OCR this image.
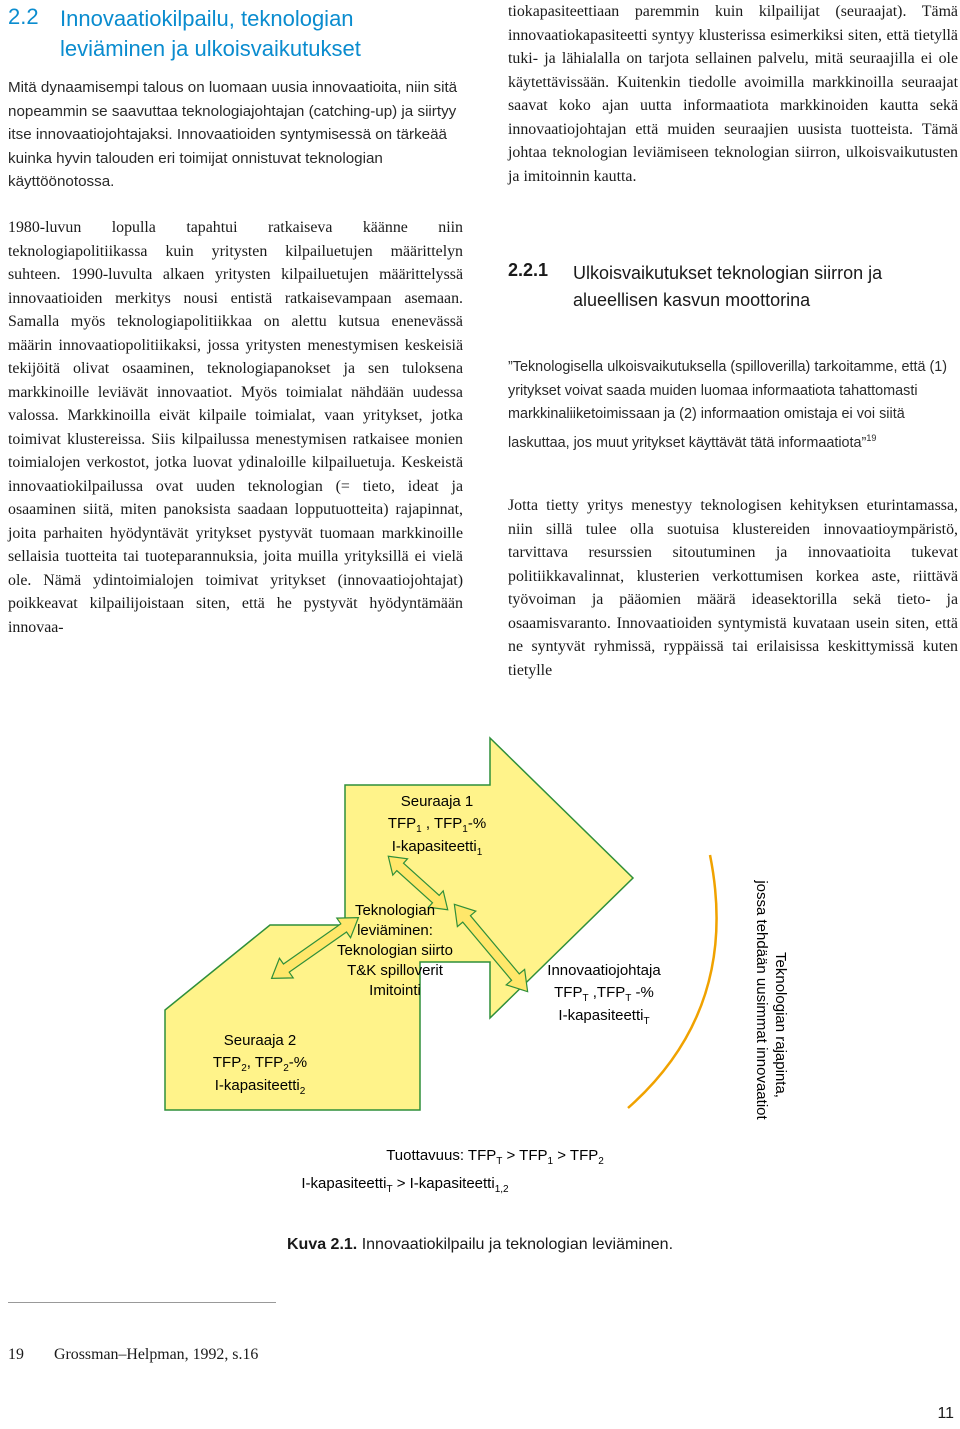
2.2 Innovaatiokilpailu, teknologian leviäminen ja ulkoisvaikutukset

Mitä dynaamisempi talous on luomaan uusia innovaatioita, niin sitä nopeammin se saavuttaa teknologiajohtajan (catching-up) ja siirtyy itse innovaatiojohtajaksi. Innovaatioiden syntymisessä on tärkeää kuinka hyvin talouden eri toimijat onnistuvat teknologian käyttöönotossa.

1980-luvun lopulla tapahtui ratkaiseva käänne niin teknologiapolitiikassa kuin yritysten kilpailuetujen määrittelyn suhteen. 1990-luvulta alkaen yritysten kilpailuetujen määrittelyssä innovaatioiden merkitys nousi entistä ratkaisevampaan asemaan. Samalla myös teknologiapolitiikkaa on alettu kutsua enenevässä määrin innovaatiopolitiikaksi, jossa yritysten menestymisen keskeisiä tekijöitä olivat osaaminen, teknologiapanokset ja sen tuloksena markkinoille leviävät innovaatiot. Myös toimialat nähdään uudessa valossa. Markkinoilla eivät kilpaile toimialat, vaan yritykset, jotka toimivat klustereissa. Siis kilpailussa menestymisen ratkaisee monien toimialojen verkostot, jotka luovat ydinaloille kilpailuetuja. Keskeistä innovaatiokilpailussa ovat uuden teknologian (= tieto, ideat ja osaaminen siitä, miten panoksista saadaan lopputuotteita) rajapinnat, joita parhaiten hyödyntävät yritykset pystyvät tuomaan markkinoille sellaisia tuotteita tai tuoteparannuksia, joita muilla yrityksillä ei vielä ole. Nämä ydintoimialojen toimivat yritykset (innovaatiojohtajat) poikkeavat kilpailijoistaan siten, että he pystyvät hyödyntämään innovaa-

tiokapasiteettiaan paremmin kuin kilpailijat (seuraajat). Tämä innovaatiokapasiteetti syntyy klusterissa esimerkiksi siten, että tietyllä tuki- ja lähialalla on tarjota sellainen palvelu, mitä seuraajilla ei ole käytettävissään. Kuitenkin tiedolle avoimilla markkinoilla seuraajat saavat koko ajan uutta informaatiota markkinoiden kautta sekä innovaatiojohtajan että muiden seuraajien uusista tuotteista. Tämä johtaa teknologian leviämiseen teknologian siirron, ulkoisvaikutusten ja imitoinnin kautta.

2.2.1 Ulkoisvaikutukset teknologian siirron ja alueellisen kasvun moottorina

”Teknologisella ulkoisvaikutuksella (spilloverilla) tarkoitamme, että (1) yritykset voivat saada muiden luomaa informaatiota tahattomasti markkinaliiketoimissaan ja (2) informaation omistaja ei voi siitä laskuttaa, jos muut yritykset käyttävät tätä informaatiota”$^{19}$

Jotta tietty yritys menestyy teknologisen kehityksen eturintamassa, niin sillä tulee olla suotuisa klustereiden innovaatioympäristö, tarvittava resurssien sitoutuminen ja innovaatioita tukevat politiikkavalinnat, klusterien verkottumisen korkea aste, riittävä työvoiman ja pääomien määrä ideasektorilla sekä tieto- ja osaamisvaranto. Innovaatioiden syntymistä kuvataan usein siten, että ne syntyvät ryhmissä, ryppäissä tai erilaisissa keskittymissä kuten tietylle

Seuraaja 1
$TFP_1$ , $TFP_1-\%$
I-kapasiteetti$_1$
Teknologian
leviäminen:
Teknologian siirto
T&K spilloverit
Imitointi
Seuraaja 2
$TFP_2$, $TFP_2-\%$
I-kapasiteetti$_2$
Innovaatiojohtaja
$TFP_T$ $,TFP_T$ -%
I-kapasiteetti$_T$	Teknologian rajapinta,
jossa tehdään uusimmat innovaatiot
Tuottavuus: $TFP_T > TFP_1 > TFP_2$
I-kapasiteetti$_T$ > I-kapasiteetti$_{1,2}$
Kuva 2.1. Innovaatiokilpailu ja teknologian leviäminen.
19 Grossman–Helpman, 1992, s.16
11
